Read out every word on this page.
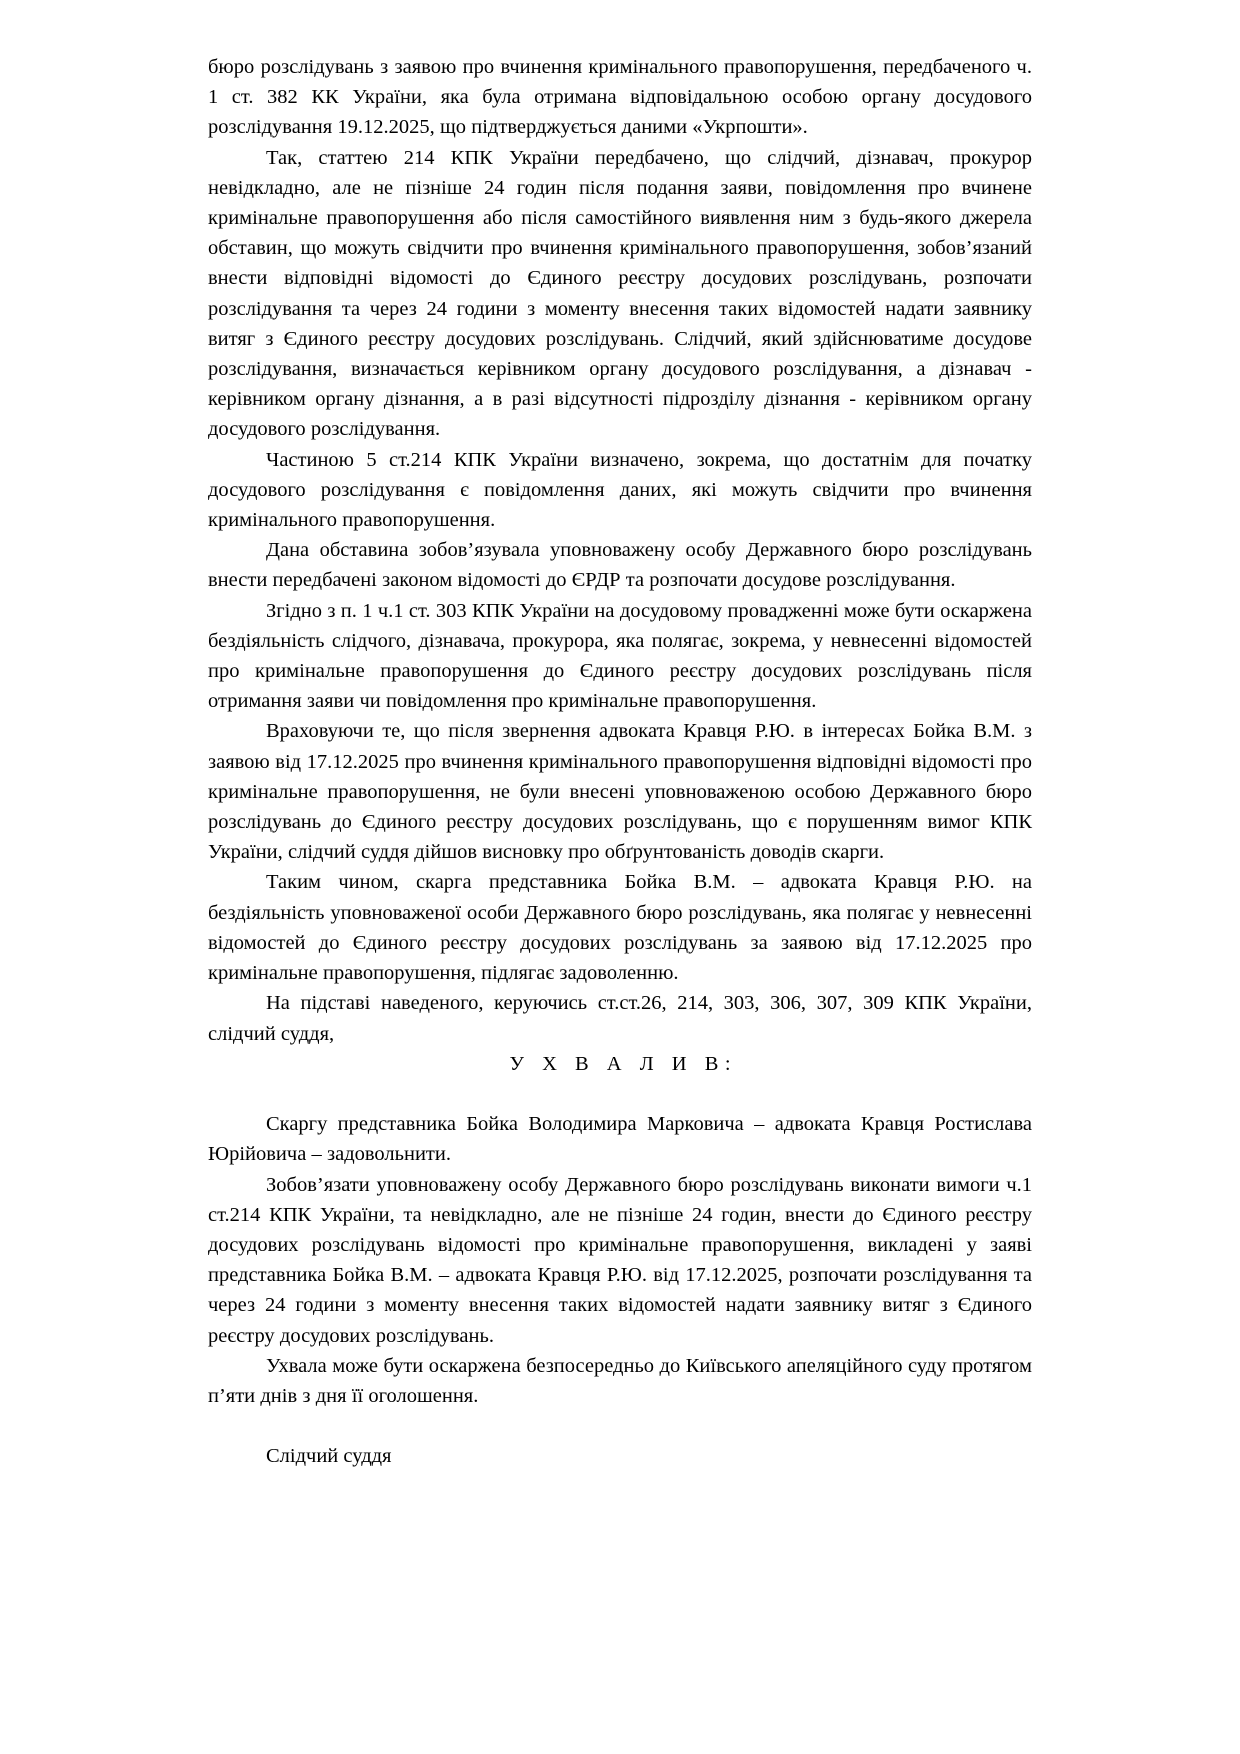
бюро розслідувань з заявою про вчинення кримінального правопорушення, передбаченого ч. 1 ст. 382 КК України, яка була отримана відповідальною особою органу досудового розслідування 19.12.2025, що підтверджується даними «Укрпошти».

Так, статтею 214 КПК України передбачено, що слідчий, дізнавач, прокурор невідкладно, але не пізніше 24 годин після подання заяви, повідомлення про вчинене кримінальне правопорушення або після самостійного виявлення ним з будь-якого джерела обставин, що можуть свідчити про вчинення кримінального правопорушення, зобов’язаний внести відповідні відомості до Єдиного реєстру досудових розслідувань, розпочати розслідування та через 24 години з моменту внесення таких відомостей надати заявнику витяг з Єдиного реєстру досудових розслідувань. Слідчий, який здійснюватиме досудове розслідування, визначається керівником органу досудового розслідування, а дізнавач - керівником органу дізнання, а в разі відсутності підрозділу дізнання - керівником органу досудового розслідування.

Частиною 5 ст.214 КПК України визначено, зокрема, що достатнім для початку досудового розслідування є повідомлення даних, які можуть свідчити про вчинення кримінального правопорушення.

Дана обставина зобов’язувала уповноважену особу Державного бюро розслідувань внести передбачені законом відомості до ЄРДР та розпочати досудове розслідування.

Згідно з п. 1 ч.1 ст. 303 КПК України на досудовому провадженні може бути оскаржена бездіяльність слідчого, дізнавача, прокурора, яка полягає, зокрема, у невнесенні відомостей про кримінальне правопорушення до Єдиного реєстру досудових розслідувань після отримання заяви чи повідомлення про кримінальне правопорушення.

Враховуючи те, що після звернення адвоката Кравця Р.Ю. в інтересах Бойка В.М. з заявою від 17.12.2025 про вчинення кримінального правопорушення відповідні відомості про кримінальне правопорушення, не були внесені уповноваженою особою Державного бюро розслідувань до Єдиного реєстру досудових розслідувань, що є порушенням вимог КПК України, слідчий суддя дійшов висновку про обґрунтованість доводів скарги.

Таким чином, скарга представника Бойка В.М. – адвоката Кравця Р.Ю. на бездіяльність уповноваженої особи Державного бюро розслідувань, яка полягає у невнесенні відомостей до Єдиного реєстру досудових розслідувань за заявою від 17.12.2025 про кримінальне правопорушення, підлягає задоволенню.

На підставі наведеного, керуючись ст.ст.26, 214, 303, 306, 307, 309 КПК України, слідчий суддя,

У Х В А Л И В:

Скаргу представника Бойка Володимира Марковича – адвоката Кравця Ростислава Юрійовича – задовольнити.

Зобов’язати уповноважену особу Державного бюро розслідувань виконати вимоги ч.1 ст.214 КПК України, та невідкладно, але не пізніше 24 годин, внести до Єдиного реєстру досудових розслідувань відомості про кримінальне правопорушення, викладені у заяві представника Бойка В.М. – адвоката Кравця Р.Ю. від 17.12.2025, розпочати розслідування та через 24 години з моменту внесення таких відомостей надати заявнику витяг з Єдиного реєстру досудових розслідувань.

Ухвала може бути оскаржена безпосередньо до Київського апеляційного суду протягом п’яти днів з дня її оголошення.

Слідчий суддя
